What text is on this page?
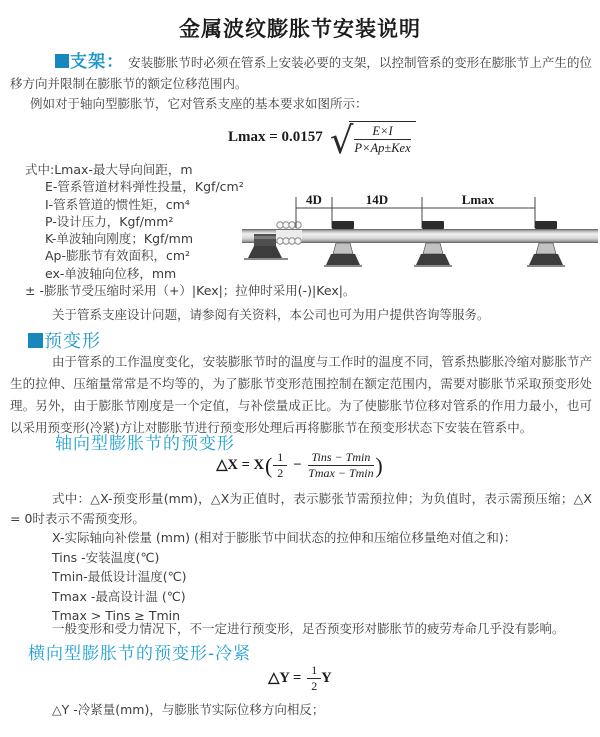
金属波纹膨胀节安装说明
支架： 安装膨胀节时必须在管系上安装必要的支架，以控制管系的变形在膨胀节上产生的位移方向并限制在膨胀节的额定位移范围内。
例如对于轴向型膨胀节，它对管系支座的基本要求如图所示：
Lmax = 0.0157 √	E×I
P×Ap±Kex
式中:Lmax-最大导向间距，m
E-管系管道材料弹性投量，Kgf/cm²
I-管系管道的惯性矩，cm⁴
P-设计压力，Kgf/mm²
K-单波轴向刚度；Kgf/mm
Ap-膨胀节有效面积，cm²
ex-单波轴向位移，mm
± -膨胀节受压缩时采用（+）|Kex|；拉伸时采用(-)|Kex|。
关于管系支座设计问题，请参阅有关资料，本公司也可为用户提供咨询等服务。
4D	14D	Lmax
预变形
由于管系的工作温度变化，安装膨胀节时的温度与工作时的温度不同，管系热膨胀冷缩对膨胀节产生的拉伸、压缩量常常是不均等的，为了膨胀节变形范围控制在额定范围内，需要对膨胀节采取预变形处理。另外，由于膨胀节刚度是一个定值，与补偿量成正比。为了使膨胀节位移对管系的作用力最小，也可以采用预变形(冷紧)方让对膨胀节进行预变形处理后再将膨胀节在预变形状态下安装在管系中。
轴向型膨胀节的预变形
△X = X ( $\frac{1}{2}$ −
Tins − Tmin
Tmax − Tmin )
式中：△X-预变形量(mm)，△X为正值时，表示膨张节需预拉伸；为负值时，表示需预压缩；△X = 0时表示不需预变形。
X-实际轴向补偿量 (mm) (相对于膨胀节中间状态的拉伸和压缩位移量绝对值之和)：
Tins -安装温度(℃)
Tmin-最低设计温度(℃)
Tmax -最高设计温 (℃)
Tmax > Tins ≥ Tmin
一般变形和受力情况下，不一定进行预变形，足否预变形对膨胀节的疲劳寿命几乎没有影响。
横向型膨胀节的预变形-冷紧
△Y = $\frac{1}{2}$ Y
△Y -冷紧量(mm)，与膨胀节实际位移方向相反；
